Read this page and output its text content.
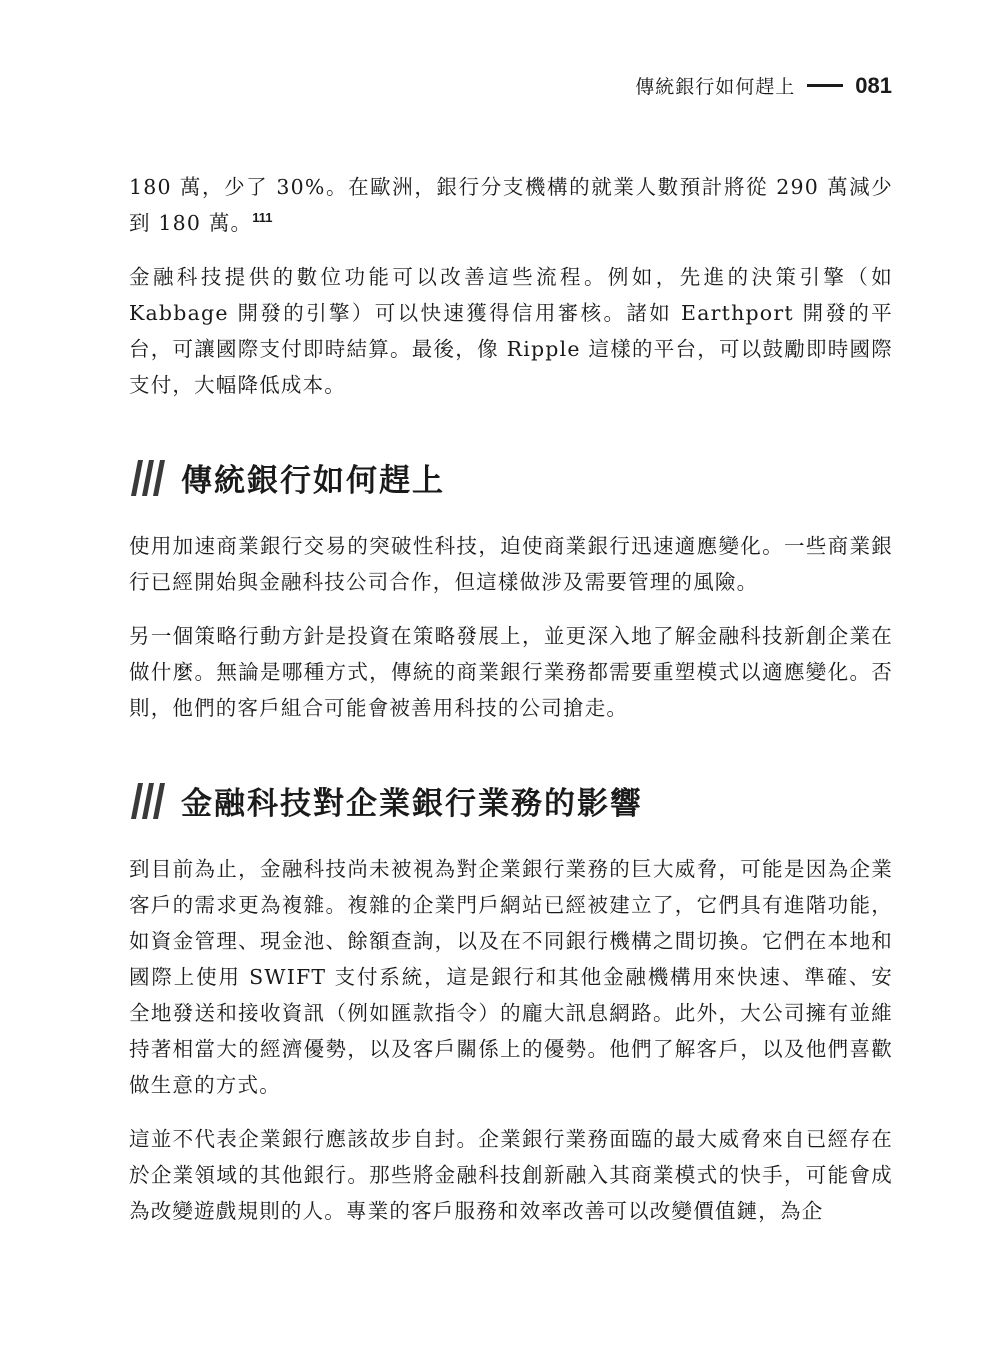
傳統銀行如何趕上	081

180 萬，少了 30%。在歐洲，銀行分支機構的就業人數預計將從 290 萬減少到 180 萬。$^{111}$

金融科技提供的數位功能可以改善這些流程。例如，先進的決策引擎（如 Kabbage 開發的引擎）可以快速獲得信用審核。諸如 Earthport 開發的平台，可讓國際支付即時結算。最後，像 Ripple 這樣的平台，可以鼓勵即時國際支付，大幅降低成本。

傳統銀行如何趕上

使用加速商業銀行交易的突破性科技，迫使商業銀行迅速適應變化。一些商業銀行已經開始與金融科技公司合作，但這樣做涉及需要管理的風險。

另一個策略行動方針是投資在策略發展上，並更深入地了解金融科技新創企業在做什麼。無論是哪種方式，傳統的商業銀行業務都需要重塑模式以適應變化。否則，他們的客戶組合可能會被善用科技的公司搶走。

金融科技對企業銀行業務的影響

到目前為止，金融科技尚未被視為對企業銀行業務的巨大威脅，可能是因為企業客戶的需求更為複雜。複雜的企業門戶網站已經被建立了，它們具有進階功能，如資金管理、現金池、餘額查詢，以及在不同銀行機構之間切換。它們在本地和國際上使用 SWIFT 支付系統，這是銀行和其他金融機構用來快速、準確、安全地發送和接收資訊（例如匯款指令）的龐大訊息網路。此外，大公司擁有並維持著相當大的經濟優勢，以及客戶關係上的優勢。他們了解客戶，以及他們喜歡做生意的方式。

這並不代表企業銀行應該故步自封。企業銀行業務面臨的最大威脅來自已經存在於企業領域的其他銀行。那些將金融科技創新融入其商業模式的快手，可能會成為改變遊戲規則的人。專業的客戶服務和效率改善可以改變價值鏈，為企
